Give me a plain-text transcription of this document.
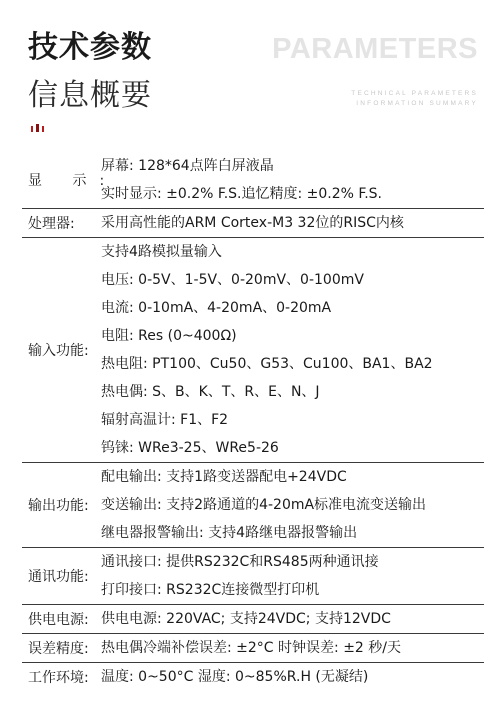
技术参数
信息概要
PARAMETERS
TECHNICAL PARAMETERS
INFORMATION SUMMARY
显 示:
屏幕: 128*64点阵白屏液晶
实时显示: ±0.2% F.S.追忆精度: ±0.2% F.S.
处理器:	采用高性能的ARM Cortex-M3 32位的RISC内核
输入功能:
支持4路模拟量输入
电压: 0-5V、1-5V、0-20mV、0-100mV
电流: 0-10mA、4-20mA、0-20mA
电阻: Res (0~400Ω)
热电阻: PT100、Cu50、G53、Cu100、BA1、BA2
热电偶: S、B、K、T、R、E、N、J
辐射高温计: F1、F2
钨铼: WRe3-25、WRe5-26
输出功能:
配电输出: 支持1路变送器配电+24VDC
变送输出: 支持2路通道的4-20mA标准电流变送输出
继电器报警输出: 支持4路继电器报警输出
通讯功能:
通讯接口: 提供RS232C和RS485两种通讯接
打印接口: RS232C连接微型打印机
供电电源: 供电电源: 220VAC; 支持24VDC; 支持12VDC
误差精度: 热电偶冷端补偿误差: ±2°C 时钟误差: ±2 秒/天
工作环境: 温度: 0~50°C 湿度: 0~85%R.H (无凝结)
